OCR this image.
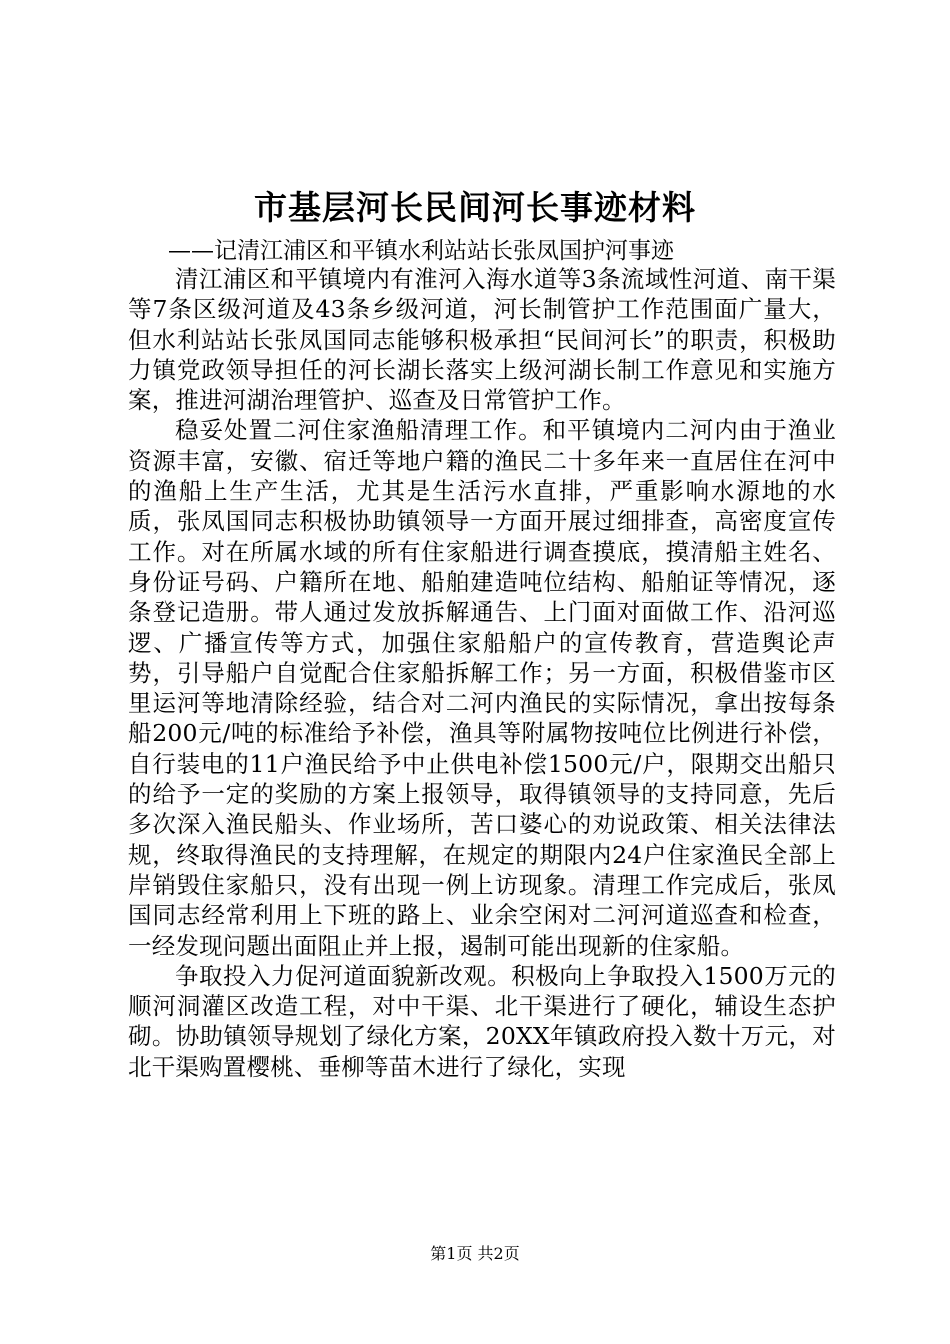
市基层河长民间河长事迹材料

——记清江浦区和平镇水利站站长张凤国护河事迹

清江浦区和平镇境内有淮河入海水道等3条流域性河道、南干渠等7条区级河道及43条乡级河道，河长制管护工作范围面广量大，但水利站站长张凤国同志能够积极承担“民间河长”的职责，积极助力镇党政领导担任的河长湖长落实上级河湖长制工作意见和实施方案，推进河湖治理管护、巡查及日常管护工作。

稳妥处置二河住家渔船清理工作。和平镇境内二河内由于渔业资源丰富，安徽、宿迁等地户籍的渔民二十多年来一直居住在河中的渔船上生产生活，尤其是生活污水直排，严重影响水源地的水质，张凤国同志积极协助镇领导一方面开展过细排查，高密度宣传工作。对在所属水域的所有住家船进行调查摸底，摸清船主姓名、身份证号码、户籍所在地、船舶建造吨位结构、船舶证等情况，逐条登记造册。带人通过发放拆解通告、上门面对面做工作、沿河巡逻、广播宣传等方式，加强住家船船户的宣传教育，营造舆论声势，引导船户自觉配合住家船拆解工作；另一方面，积极借鉴市区里运河等地清除经验，结合对二河内渔民的实际情况，拿出按每条船200元/吨的标准给予补偿，渔具等附属物按吨位比例进行补偿，自行装电的11户渔民给予中止供电补偿1500元/户，限期交出船只的给予一定的奖励的方案上报领导，取得镇领导的支持同意，先后多次深入渔民船头、作业场所，苦口婆心的劝说政策、相关法律法规，终取得渔民的支持理解，在规定的期限内24户住家渔民全部上岸销毁住家船只，没有出现一例上访现象。清理工作完成后，张凤国同志经常利用上下班的路上、业余空闲对二河河道巡查和检查，一经发现问题出面阻止并上报，遏制可能出现新的住家船。

争取投入力促河道面貌新改观。积极向上争取投入1500万元的顺河洞灌区改造工程，对中干渠、北干渠进行了硬化，辅设生态护砌。协助镇领导规划了绿化方案，20XX年镇政府投入数十万元，对北干渠购置樱桃、垂柳等苗木进行了绿化，实现

第1页 共2页
